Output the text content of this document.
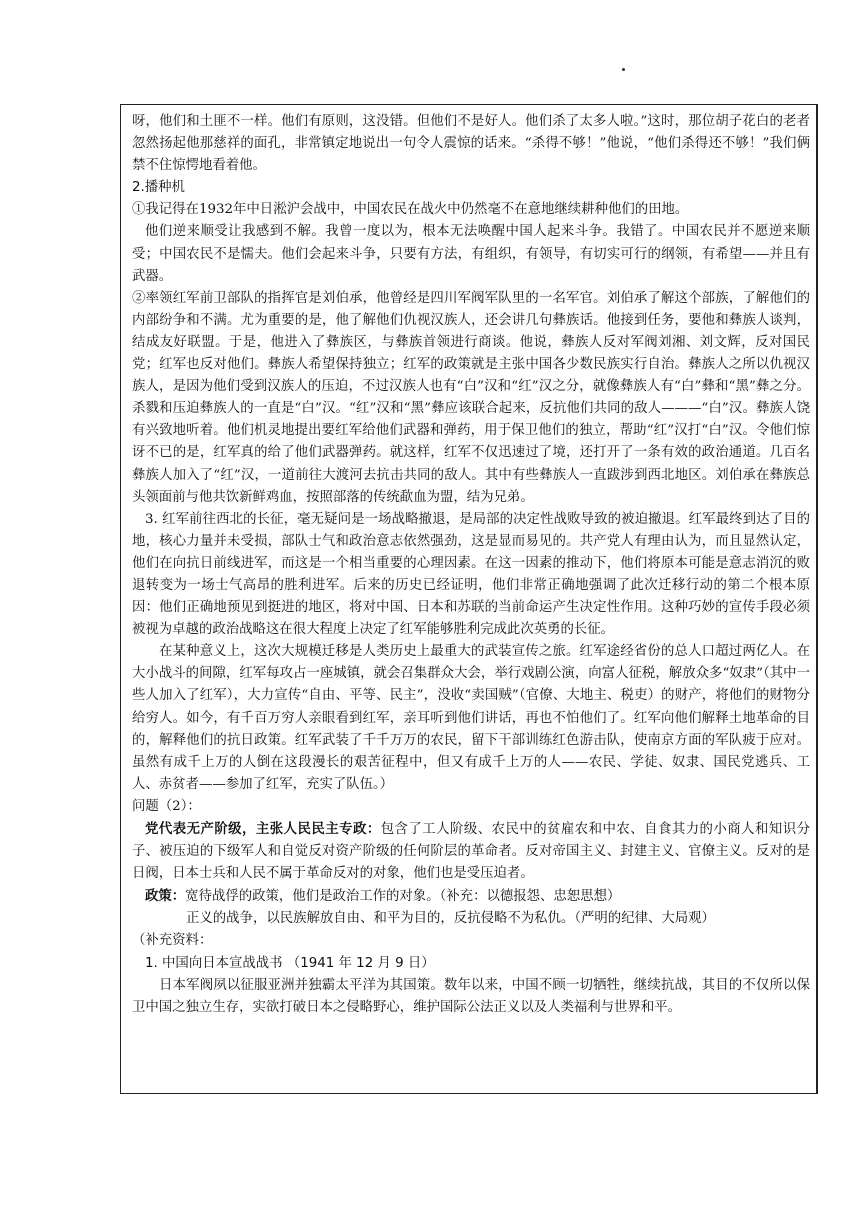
呀，他们和土匪不一样。他们有原则，这没错。但他们不是好人。他们杀了太多人啦。”这时，那位胡子花白的老者忽然扬起他那慈祥的面孔，非常镇定地说出一句令人震惊的话来。“杀得不够！”他说，“他们杀得还不够！”我们俩禁不住惊愕地看着他。

2.播种机

①我记得在1932年中日淞沪会战中，中国农民在战火中仍然毫不在意地继续耕种他们的田地。

他们逆来顺受让我感到不解。我曾一度以为，根本无法唤醒中国人起来斗争。我错了。中国农民并不愿逆来顺受；中国农民不是懦夫。他们会起来斗争，只要有方法，有组织，有领导，有切实可行的纲领，有希望——并且有武器。

②率领红军前卫部队的指挥官是刘伯承，他曾经是四川军阀军队里的一名军官。刘伯承了解这个部族，了解他们的内部纷争和不满。尤为重要的是，他了解他们仇视汉族人，还会讲几句彝族话。他接到任务，要他和彝族人谈判，结成友好联盟。于是，他进入了彝族区，与彝族首领进行商谈。他说，彝族人反对军阀刘湘、刘文辉，反对国民党；红军也反对他们。彝族人希望保持独立；红军的政策就是主张中国各少数民族实行自治。彝族人之所以仇视汉族人，是因为他们受到汉族人的压迫，不过汉族人也有“白”汉和“红”汉之分，就像彝族人有“白”彝和“黑”彝之分。杀戮和压迫彝族人的一直是“白”汉。“红”汉和“黑”彝应该联合起来，反抗他们共同的敌人———“白”汉。彝族人饶有兴致地听着。他们机灵地提出要红军给他们武器和弹药，用于保卫他们的独立，帮助“红”汉打“白”汉。令他们惊讶不已的是，红军真的给了他们武器弹药。就这样，红军不仅迅速过了境，还打开了一条有效的政治通道。几百名彝族人加入了“红”汉，一道前往大渡河去抗击共同的敌人。其中有些彝族人一直跋涉到西北地区。刘伯承在彝族总头领面前与他共饮新鲜鸡血，按照部落的传统歃血为盟，结为兄弟。

3. 红军前往西北的长征，毫无疑问是一场战略撤退，是局部的决定性战败导致的被迫撤退。红军最终到达了目的地，核心力量并未受损，部队士气和政治意志依然强劲，这是显而易见的。共产党人有理由认为，而且显然认定，他们在向抗日前线进军，而这是一个相当重要的心理因素。在这一因素的推动下，他们将原本可能是意志消沉的败退转变为一场士气高昂的胜利进军。后来的历史已经证明，他们非常正确地强调了此次迁移行动的第二个根本原因：他们正确地预见到挺进的地区，将对中国、日本和苏联的当前命运产生决定性作用。这种巧妙的宣传手段必须被视为卓越的政治战略这在很大程度上决定了红军能够胜利完成此次英勇的长征。

在某种意义上，这次大规模迁移是人类历史上最重大的武装宣传之旅。红军途经省份的总人口超过两亿人。在大小战斗的间隙，红军每攻占一座城镇，就会召集群众大会，举行戏剧公演，向富人征税，解放众多“奴隶”（其中一些人加入了红军），大力宣传“自由、平等、民主”，没收“卖国贼”（官僚、大地主、税吏）的财产，将他们的财物分给穷人。如今，有千百万穷人亲眼看到红军，亲耳听到他们讲话，再也不怕他们了。红军向他们解释土地革命的目的，解释他们的抗日政策。红军武装了千千万万的农民，留下干部训练红色游击队，使南京方面的军队疲于应对。虽然有成千上万的人倒在这段漫长的艰苦征程中，但又有成千上万的人——农民、学徒、奴隶、国民党逃兵、工人、赤贫者——参加了红军，充实了队伍。）

问题（2）：

党代表无产阶级，主张人民民主专政：包含了工人阶级、农民中的贫雇农和中农、自食其力的小商人和知识分子、被压迫的下级军人和自觉反对资产阶级的任何阶层的革命者。反对帝国主义、封建主义、官僚主义。反对的是日阀，日本士兵和人民不属于革命反对的对象，他们也是受压迫者。

政策：宽待战俘的政策，他们是政治工作的对象。（补充：以德报怨、忠恕思想）

正义的战争，以民族解放自由、和平为目的，反抗侵略不为私仇。（严明的纪律、大局观）

（补充资料：

1. 中国向日本宣战战书 （1941 年 12 月 9 日）

日本军阀夙以征服亚洲并独霸太平洋为其国策。数年以来，中国不顾一切牺牲，继续抗战，其目的不仅所以保卫中国之独立生存，实欲打破日本之侵略野心，维护国际公法正义以及人类福利与世界和平。
